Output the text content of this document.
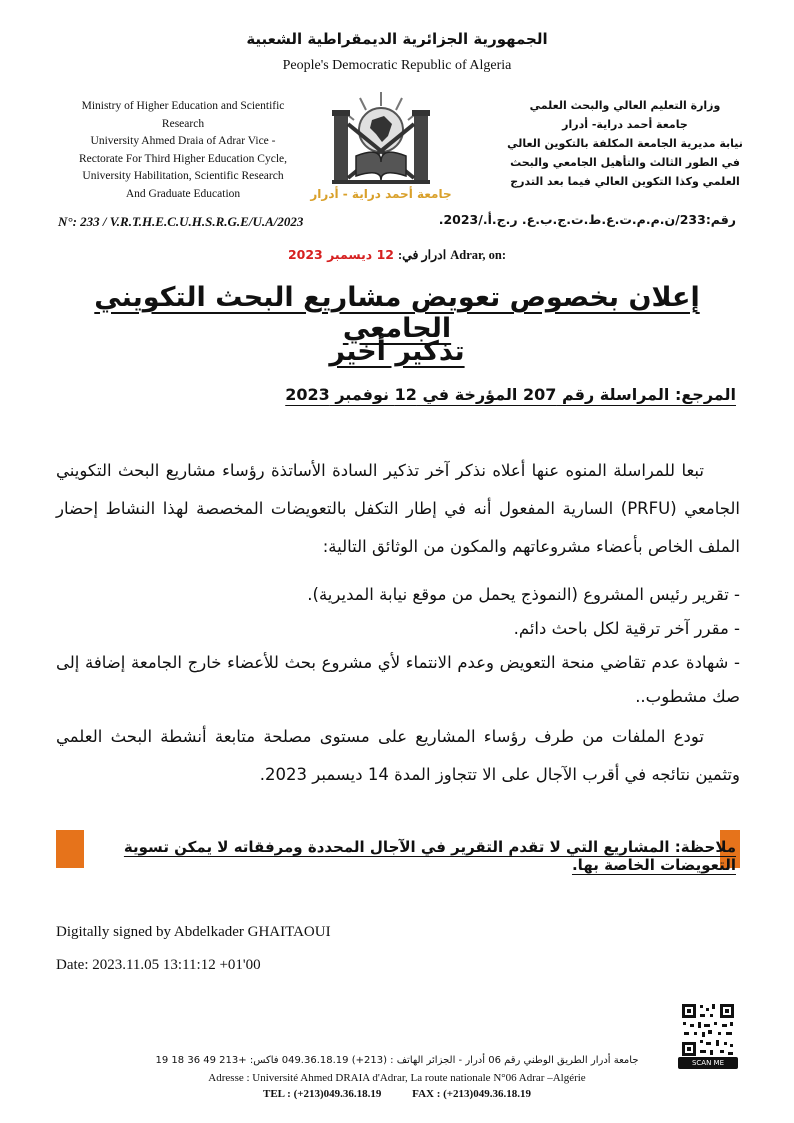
الجمهورية الجزائرية الديمقراطية الشعبية
People's Democratic Republic of Algeria
Ministry of Higher Education and Scientific
Research
University Ahmed Draia of Adrar Vice -
Rectorate For Third Higher Education Cycle,
University Habilitation, Scientific Research
And Graduate Education	جامعة أحمد دراية - أدرار
وزارة التعليم العالي والبحث العلمي
جامعة أحمد دراية- أدرار
نيابة مديرية الجامعة المكلفة بالتكوين العالي
في الطور الثالث والتأهيل الجامعي والبحث
العلمي وكذا التكوين العالي فيما بعد التدرج
N°: 233 / V.R.T.H.E.C.U.H.S.R.G.E/U.A/2023	رقم:233/ن.م.م.ت.ع.ط.ت.ج.ب.ع. ر.ج.أ./2023.
ادرار في: 12 ديسمبر 2023	Adrar, on:
إعلان بخصوص تعويض مشاريع البحث التكويني الجامعي
تذكير أخير
المرجع: المراسلة رقم 207 المؤرخة في 12 نوفمبر 2023

تبعا للمراسلة المنوه عنها أعلاه نذكر آخر تذكير السادة الأساتذة رؤساء مشاريع البحث التكويني الجامعي (PRFU) السارية المفعول أنه في إطار التكفل بالتعويضات المخصصة لهذا النشاط إحضار الملف الخاص بأعضاء مشروعاتهم والمكون من الوثائق التالية:

- تقرير رئيس المشروع (النموذج يحمل من موقع نيابة المديرية).
- مقرر آخر ترقية لكل باحث دائم.
- شهادة عدم تقاضي منحة التعويض وعدم الانتماء لأي مشروع بحث للأعضاء خارج الجامعة إضافة إلى صك مشطوب..

تودع الملفات من طرف رؤساء المشاريع على مستوى مصلحة متابعة أنشطة البحث العلمي وتثمين نتائجه في أقرب الآجال على الا تتجاوز المدة 14 ديسمبر 2023.

ملاحظة: المشاريع التي لا تقدم التقرير في الآجال المحددة ومرفقاته لا يمكن تسوية التعويضات الخاصة بها.
Digitally signed by Abdelkader GHAITAOUI
Date: 2023.11.05 13:11:12 +01'00
SCAN ME
جامعة أدرار الطريق الوطني رقم 06 أدرار - الجزائر الهاتف : (213+) 049.36.18.19 فاكس: +213 49 36 18 19
Adresse : Université Ahmed DRAIA d'Adrar, La route nationale N°06 Adrar –Algérie
TEL : (+213)049.36.18.19	FAX : (+213)049.36.18.19
